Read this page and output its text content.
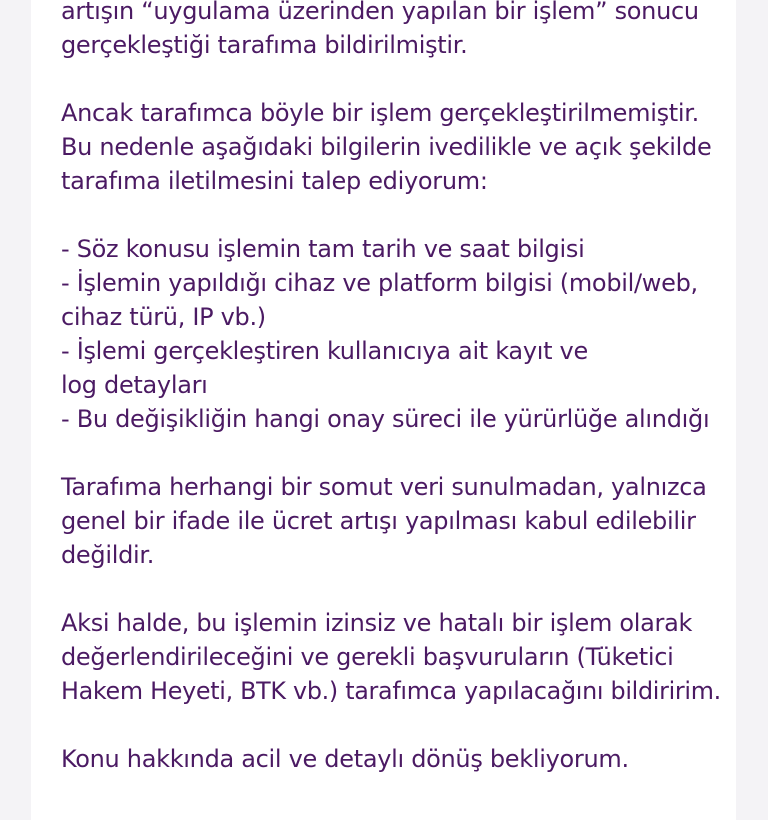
artışın “uygulama üzerinden yapılan bir işlem” sonucu
gerçekleştiği tarafıma bildirilmiştir.
Ancak tarafımca böyle bir işlem gerçekleştirilmemiştir.
Bu nedenle aşağıdaki bilgilerin ivedilikle ve açık şekilde
tarafıma iletilmesini talep ediyorum:
- Söz konusu işlemin tam tarih ve saat bilgisi
- İşlemin yapıldığı cihaz ve platform bilgisi (mobil/web,
cihaz türü, IP vb.)
- İşlemi gerçekleştiren kullanıcıya ait kayıt ve
log detayları
- Bu değişikliğin hangi onay süreci ile yürürlüğe alındığı
Tarafıma herhangi bir somut veri sunulmadan, yalnızca
genel bir ifade ile ücret artışı yapılması kabul edilebilir
değildir.
Aksi halde, bu işlemin izinsiz ve hatalı bir işlem olarak
değerlendirileceğini ve gerekli başvuruların (Tüketici
Hakem Heyeti, BTK vb.) tarafımca yapılacağını bildiririm.
Konu hakkında acil ve detaylı dönüş bekliyorum.
